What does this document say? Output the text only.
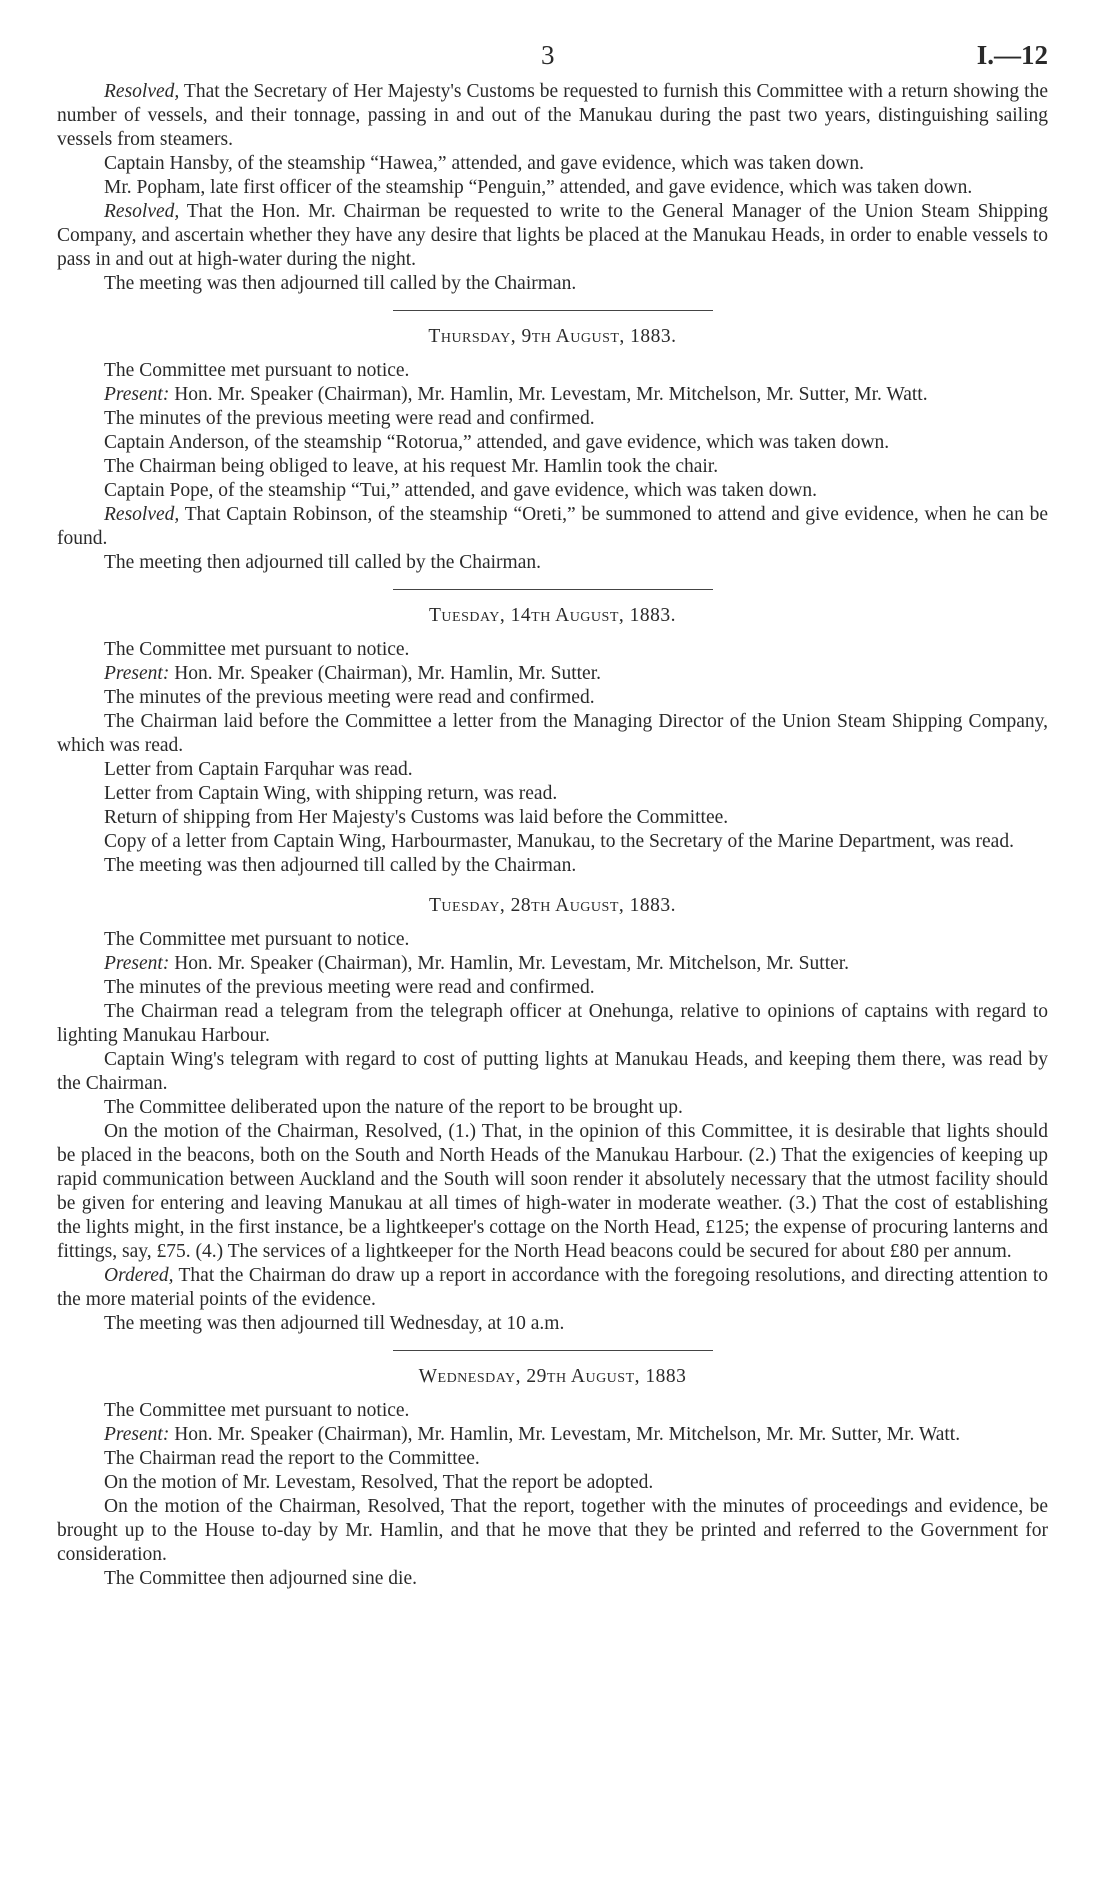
3	I.—12

Resolved, That the Secretary of Her Majesty's Customs be requested to furnish this Committee with a return showing the number of vessels, and their tonnage, passing in and out of the Manukau during the past two years, distinguishing sailing vessels from steamers.

Captain Hansby, of the steamship “Hawea,” attended, and gave evidence, which was taken down.

Mr. Popham, late first officer of the steamship “Penguin,” attended, and gave evidence, which was taken down.

Resolved, That the Hon. Mr. Chairman be requested to write to the General Manager of the Union Steam Shipping Company, and ascertain whether they have any desire that lights be placed at the Manukau Heads, in order to enable vessels to pass in and out at high-water during the night.

The meeting was then adjourned till called by the Chairman.

Thursday, 9th August, 1883.

The Committee met pursuant to notice.

Present: Hon. Mr. Speaker (Chairman), Mr. Hamlin, Mr. Levestam, Mr. Mitchelson, Mr. Sutter, Mr. Watt.

The minutes of the previous meeting were read and confirmed.

Captain Anderson, of the steamship “Rotorua,” attended, and gave evidence, which was taken down.

The Chairman being obliged to leave, at his request Mr. Hamlin took the chair.

Captain Pope, of the steamship “Tui,” attended, and gave evidence, which was taken down.

Resolved, That Captain Robinson, of the steamship “Oreti,” be summoned to attend and give evidence, when he can be found.

The meeting then adjourned till called by the Chairman.

Tuesday, 14th August, 1883.

The Committee met pursuant to notice.

Present: Hon. Mr. Speaker (Chairman), Mr. Hamlin, Mr. Sutter.

The minutes of the previous meeting were read and confirmed.

The Chairman laid before the Committee a letter from the Managing Director of the Union Steam Shipping Company, which was read.

Letter from Captain Farquhar was read.

Letter from Captain Wing, with shipping return, was read.

Return of shipping from Her Majesty's Customs was laid before the Committee.

Copy of a letter from Captain Wing, Harbourmaster, Manukau, to the Secretary of the Marine Department, was read.

The meeting was then adjourned till called by the Chairman.

Tuesday, 28th August, 1883.

The Committee met pursuant to notice.

Present: Hon. Mr. Speaker (Chairman), Mr. Hamlin, Mr. Levestam, Mr. Mitchelson, Mr. Sutter.

The minutes of the previous meeting were read and confirmed.

The Chairman read a telegram from the telegraph officer at Onehunga, relative to opinions of captains with regard to lighting Manukau Harbour.

Captain Wing's telegram with regard to cost of putting lights at Manukau Heads, and keeping them there, was read by the Chairman.

The Committee deliberated upon the nature of the report to be brought up.

On the motion of the Chairman, Resolved, (1.) That, in the opinion of this Committee, it is desirable that lights should be placed in the beacons, both on the South and North Heads of the Manukau Harbour. (2.) That the exigencies of keeping up rapid communication between Auckland and the South will soon render it absolutely necessary that the utmost facility should be given for entering and leaving Manukau at all times of high-water in moderate weather. (3.) That the cost of establishing the lights might, in the first instance, be a lightkeeper's cottage on the North Head, £125; the expense of procuring lanterns and fittings, say, £75. (4.) The services of a lightkeeper for the North Head beacons could be secured for about £80 per annum.

Ordered, That the Chairman do draw up a report in accordance with the foregoing resolutions, and directing attention to the more material points of the evidence.

The meeting was then adjourned till Wednesday, at 10 a.m.

Wednesday, 29th August, 1883

The Committee met pursuant to notice.

Present: Hon. Mr. Speaker (Chairman), Mr. Hamlin, Mr. Levestam, Mr. Mitchelson, Mr. Mr. Sutter, Mr. Watt.

The Chairman read the report to the Committee.

On the motion of Mr. Levestam, Resolved, That the report be adopted.

On the motion of the Chairman, Resolved, That the report, together with the minutes of proceedings and evidence, be brought up to the House to-day by Mr. Hamlin, and that he move that they be printed and referred to the Government for consideration.

The Committee then adjourned sine die.
